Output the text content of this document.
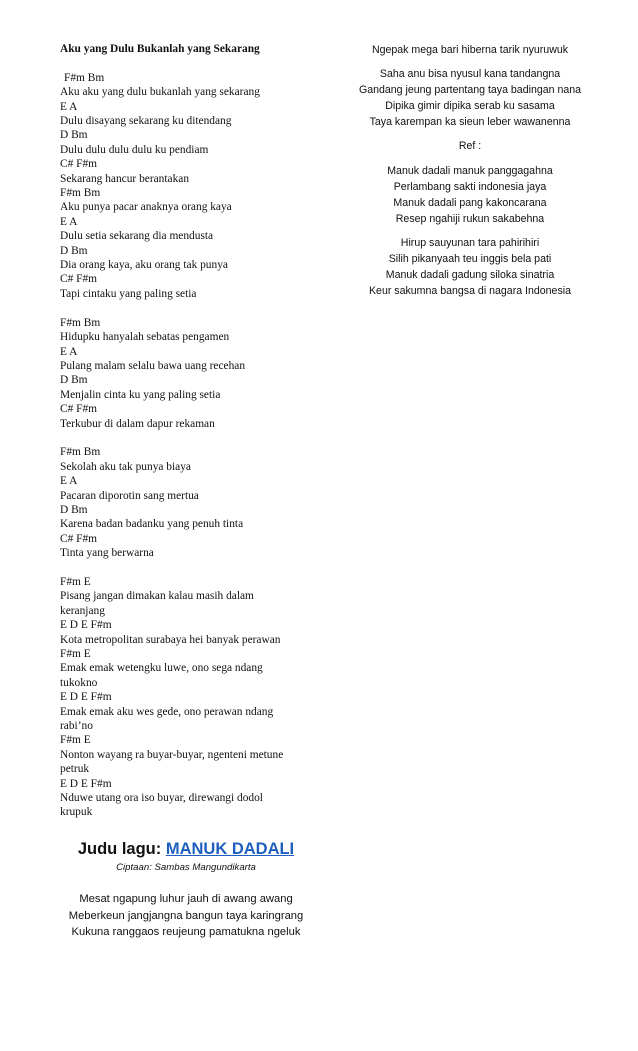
Aku yang Dulu Bukanlah yang Sekarang
F#m Bm
Aku aku yang dulu bukanlah yang sekarang
E A
Dulu disayang sekarang ku ditendang
D Bm
Dulu dulu dulu dulu ku pendiam
C# F#m
Sekarang hancur berantakan
F#m Bm
Aku punya pacar anaknya orang kaya
E A
Dulu setia sekarang dia mendusta
D Bm
Dia orang kaya, aku orang tak punya
C# F#m
Tapi cintaku yang paling setia
F#m Bm
Hidupku hanyalah sebatas pengamen
E A
Pulang malam selalu bawa uang recehan
D Bm
Menjalin cinta ku yang paling setia
C# F#m
Terkubur di dalam dapur rekaman
F#m Bm
Sekolah aku tak punya biaya
E A
Pacaran diporotin sang mertua
D Bm
Karena badan badanku yang penuh tinta
C# F#m
Tinta yang berwarna
F#m E
Pisang jangan dimakan kalau masih dalam
keranjang
E D E F#m
Kota metropolitan surabaya hei banyak perawan
F#m E
Emak emak wetengku luwe, ono sega ndang
tukokno
E D E F#m
Emak emak aku wes gede, ono perawan ndang
rabi’no
F#m E
Nonton wayang ra buyar-buyar, ngenteni metune
petruk
E D E F#m
Nduwe utang ora iso buyar, direwangi dodol
krupuk
Ngepak mega bari hiberna tarik nyuruwuk
Saha anu bisa nyusul kana tandangna
Gandang jeung partentang taya badingan nana
Dipika gimir dipika serab ku sasama
Taya karempan ka sieun leber wawanenna
Ref :
Manuk dadali manuk panggagahna
Perlambang sakti indonesia jaya
Manuk dadali pang kakoncarana
Resep ngahiji rukun sakabehna
Hirup sauyunan tara pahirihiri
Silih pikanyaah teu inggis bela pati
Manuk dadali gadung siloka sinatria
Keur sakumna bangsa di nagara Indonesia
Judu lagu: MANUK DADALI
Ciptaan: Sambas Mangundikarta
Mesat ngapung luhur jauh di awang awang
Meberkeun jangjangna bangun taya karingrang
Kukuna ranggaos reujeung pamatukna ngeluk
